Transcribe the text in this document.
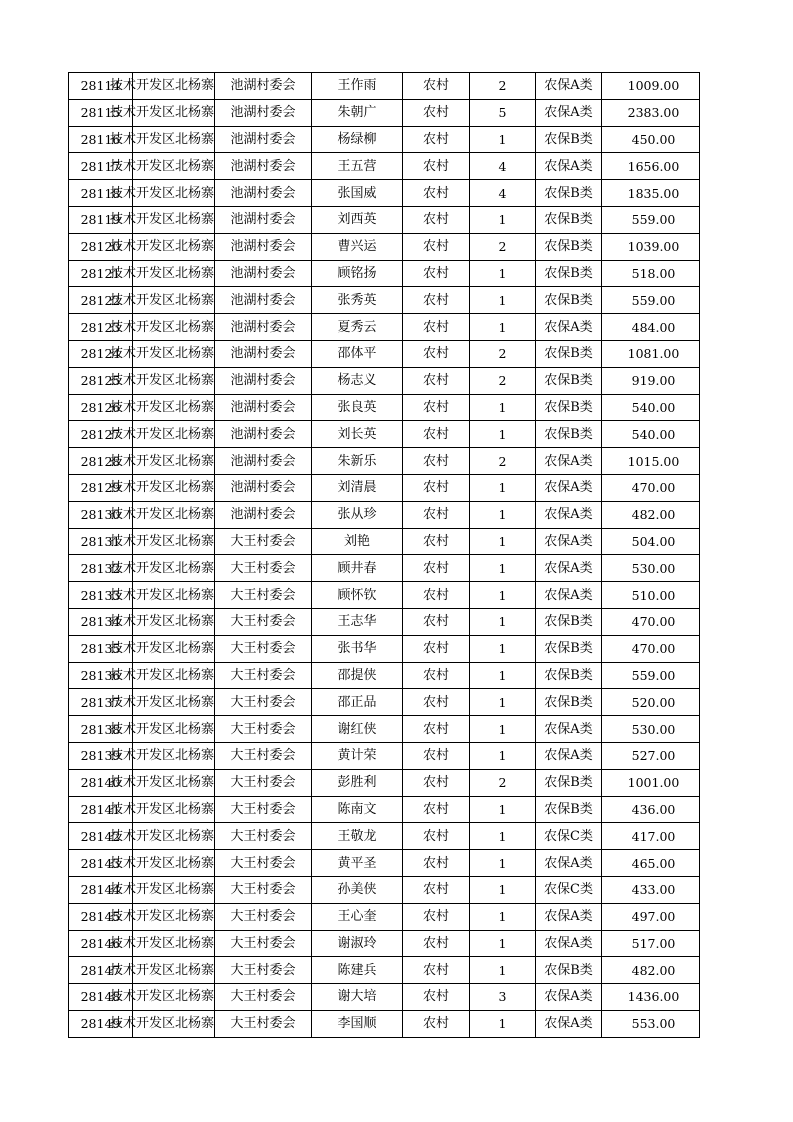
28114	技术开发区北杨寨	池湖村委会	王作雨	农村	2	农保A类	1009.00
28115	技术开发区北杨寨	池湖村委会	朱朝广	农村	5	农保A类	2383.00
28116	技术开发区北杨寨	池湖村委会	杨绿柳	农村	1	农保B类	450.00
28117	技术开发区北杨寨	池湖村委会	王五营	农村	4	农保A类	1656.00
28118	技术开发区北杨寨	池湖村委会	张国威	农村	4	农保B类	1835.00
28119	技术开发区北杨寨	池湖村委会	刘西英	农村	1	农保B类	559.00
28120	技术开发区北杨寨	池湖村委会	曹兴运	农村	2	农保B类	1039.00
28121	技术开发区北杨寨	池湖村委会	顾铭扬	农村	1	农保B类	518.00
28122	技术开发区北杨寨	池湖村委会	张秀英	农村	1	农保B类	559.00
28123	技术开发区北杨寨	池湖村委会	夏秀云	农村	1	农保A类	484.00
28124	技术开发区北杨寨	池湖村委会	邵体平	农村	2	农保B类	1081.00
28125	技术开发区北杨寨	池湖村委会	杨志义	农村	2	农保B类	919.00
28126	技术开发区北杨寨	池湖村委会	张良英	农村	1	农保B类	540.00
28127	技术开发区北杨寨	池湖村委会	刘长英	农村	1	农保B类	540.00
28128	技术开发区北杨寨	池湖村委会	朱新乐	农村	2	农保A类	1015.00
28129	技术开发区北杨寨	池湖村委会	刘清晨	农村	1	农保A类	470.00
28130	技术开发区北杨寨	池湖村委会	张从珍	农村	1	农保A类	482.00
28131	技术开发区北杨寨	大王村委会	刘艳	农村	1	农保A类	504.00
28132	技术开发区北杨寨	大王村委会	顾井春	农村	1	农保A类	530.00
28133	技术开发区北杨寨	大王村委会	顾怀钦	农村	1	农保A类	510.00
28134	技术开发区北杨寨	大王村委会	王志华	农村	1	农保B类	470.00
28135	技术开发区北杨寨	大王村委会	张书华	农村	1	农保B类	470.00
28136	技术开发区北杨寨	大王村委会	邵提侠	农村	1	农保B类	559.00
28137	技术开发区北杨寨	大王村委会	邵正品	农村	1	农保B类	520.00
28138	技术开发区北杨寨	大王村委会	谢红侠	农村	1	农保A类	530.00
28139	技术开发区北杨寨	大王村委会	黄计荣	农村	1	农保A类	527.00
28140	技术开发区北杨寨	大王村委会	彭胜利	农村	2	农保B类	1001.00
28141	技术开发区北杨寨	大王村委会	陈南文	农村	1	农保B类	436.00
28142	技术开发区北杨寨	大王村委会	王敬龙	农村	1	农保C类	417.00
28143	技术开发区北杨寨	大王村委会	黄平圣	农村	1	农保A类	465.00
28144	技术开发区北杨寨	大王村委会	孙美侠	农村	1	农保C类	433.00
28145	技术开发区北杨寨	大王村委会	王心奎	农村	1	农保A类	497.00
28146	技术开发区北杨寨	大王村委会	谢淑玲	农村	1	农保A类	517.00
28147	技术开发区北杨寨	大王村委会	陈建兵	农村	1	农保B类	482.00
28148	技术开发区北杨寨	大王村委会	谢大培	农村	3	农保A类	1436.00
28149	技术开发区北杨寨	大王村委会	李国顺	农村	1	农保A类	553.00
